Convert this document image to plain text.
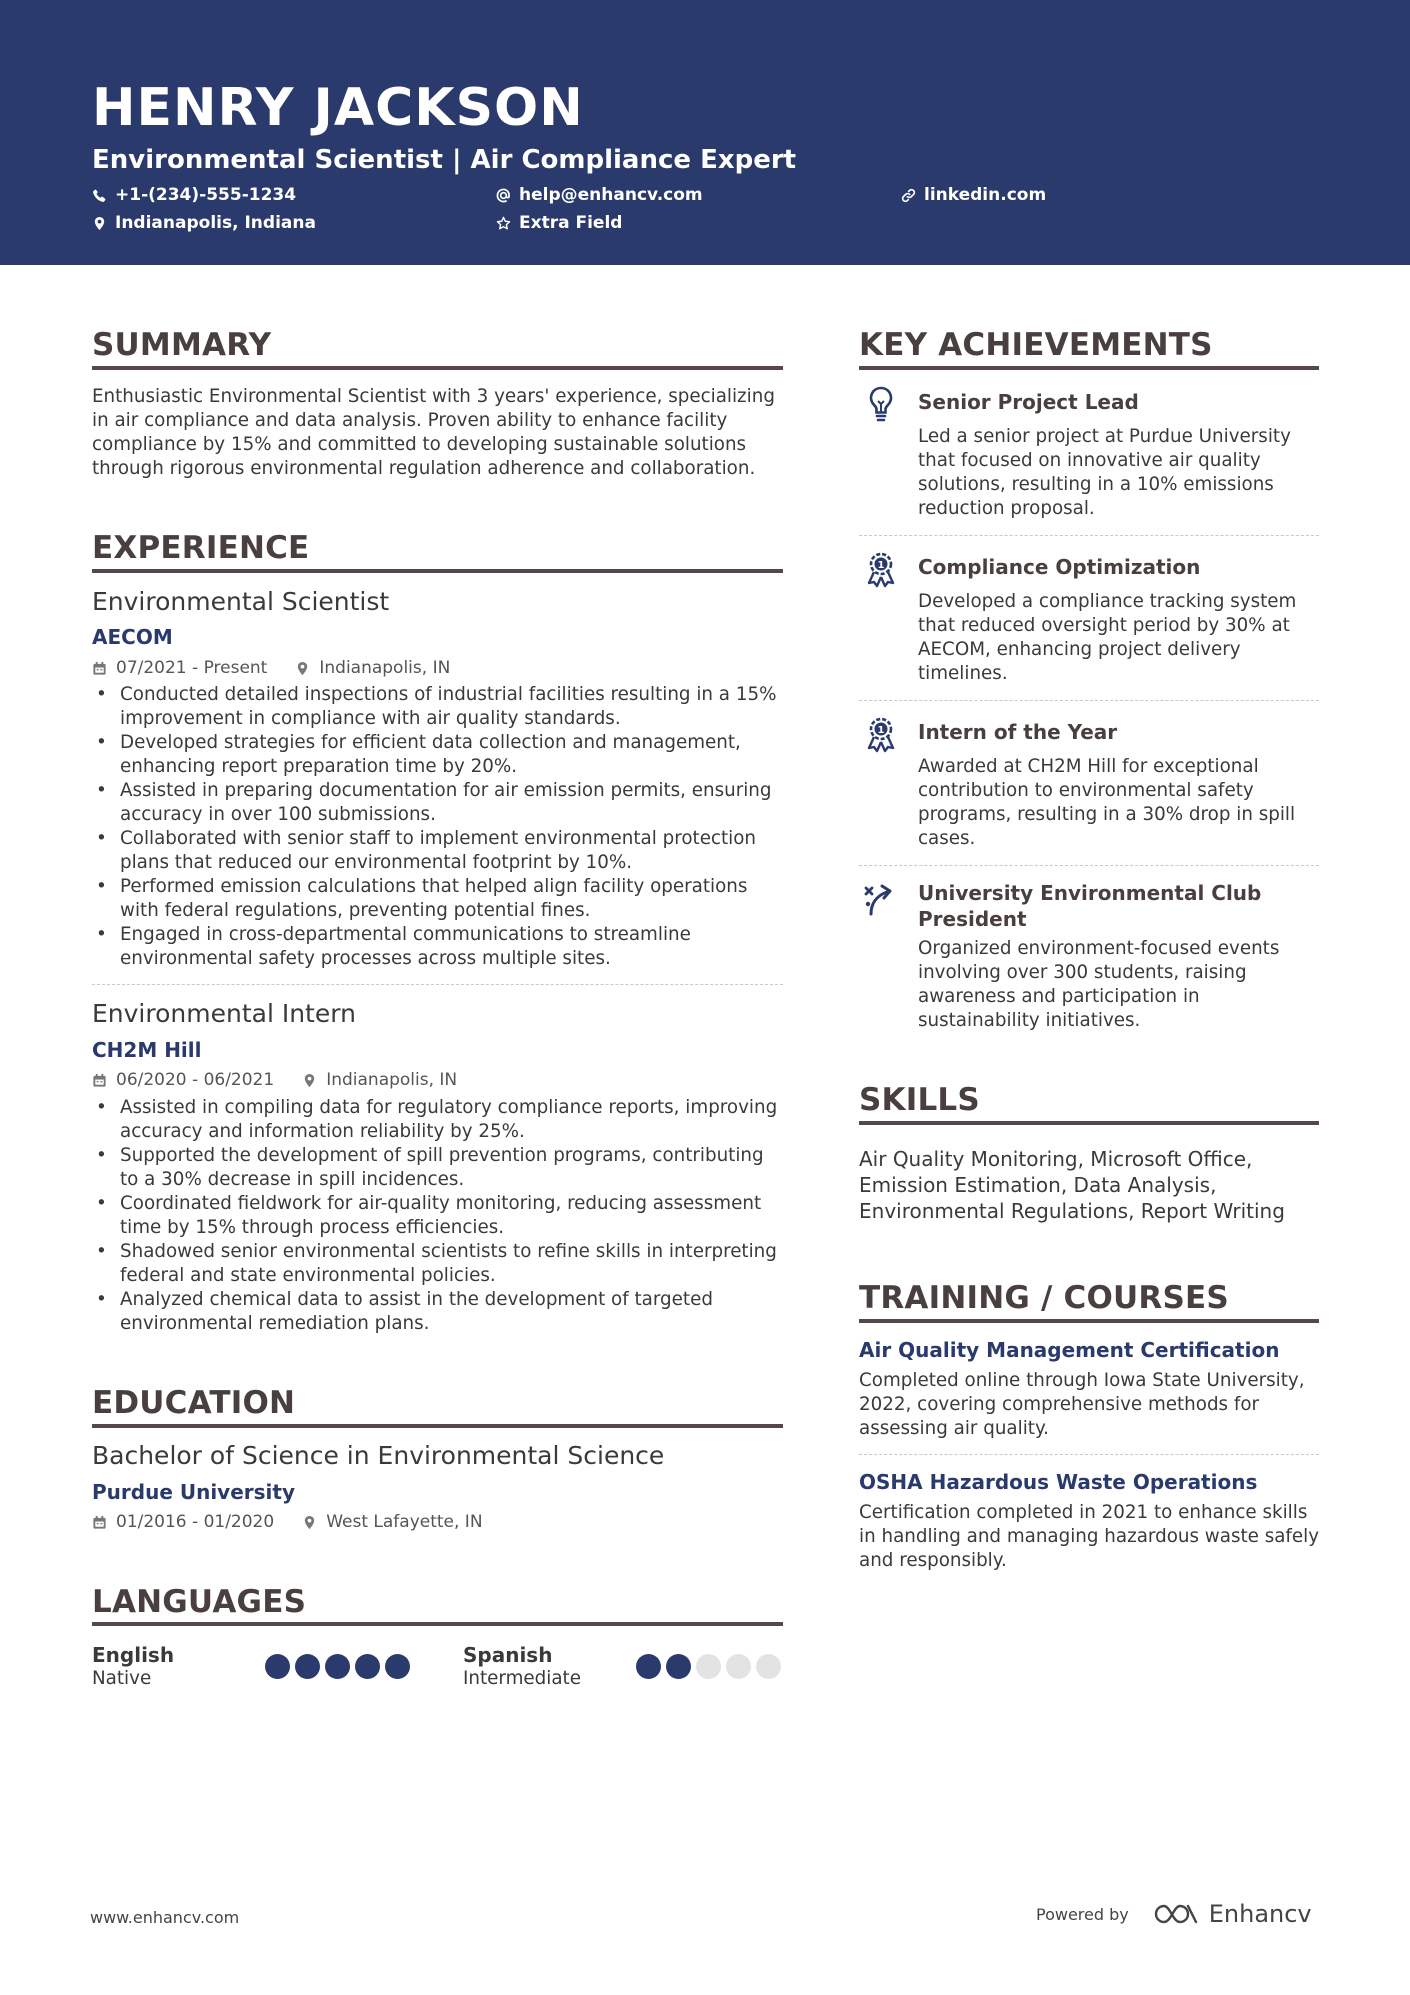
HENRY JACKSON
Environmental Scientist | Air Compliance Expert
+1-(234)-555-1234	help@enhancv.com	linkedin.com
Indianapolis, Indiana	Extra Field
SUMMARY
Enthusiastic Environmental Scientist with 3 years' experience, specializing
in air compliance and data analysis. Proven ability to enhance facility
compliance by 15% and committed to developing sustainable solutions
through rigorous environmental regulation adherence and collaboration.
EXPERIENCE
Environmental Scientist
AECOM
07/2021 - Present	Indianapolis, IN
• Conducted detailed inspections of industrial facilities resulting in a 15%
improvement in compliance with air quality standards.
• Developed strategies for efficient data collection and management,
enhancing report preparation time by 20%.
• Assisted in preparing documentation for air emission permits, ensuring
accuracy in over 100 submissions.
• Collaborated with senior staff to implement environmental protection
plans that reduced our environmental footprint by 10%.
• Performed emission calculations that helped align facility operations
with federal regulations, preventing potential fines.
• Engaged in cross-departmental communications to streamline
environmental safety processes across multiple sites.
Environmental Intern
CH2M Hill
06/2020 - 06/2021	Indianapolis, IN
• Assisted in compiling data for regulatory compliance reports, improving
accuracy and information reliability by 25%.
• Supported the development of spill prevention programs, contributing
to a 30% decrease in spill incidences.
• Coordinated fieldwork for air-quality monitoring, reducing assessment
time by 15% through process efficiencies.
• Shadowed senior environmental scientists to refine skills in interpreting
federal and state environmental policies.
• Analyzed chemical data to assist in the development of targeted
environmental remediation plans.
EDUCATION
Bachelor of Science in Environmental Science
Purdue University
01/2016 - 01/2020	West Lafayette, IN
LANGUAGES
English
Native
Spanish
Intermediate
KEY ACHIEVEMENTS
Senior Project Lead
Led a senior project at Purdue University
that focused on innovative air quality
solutions, resulting in a 10% emissions
reduction proposal.
1 Compliance Optimization
Developed a compliance tracking system
that reduced oversight period by 30% at
AECOM, enhancing project delivery
timelines.
1 Intern of the Year
Awarded at CH2M Hill for exceptional
contribution to environmental safety
programs, resulting in a 30% drop in spill
cases.
University Environmental Club
President
Organized environment-focused events
involving over 300 students, raising
awareness and participation in
sustainability initiatives.
SKILLS
Air Quality Monitoring, Microsoft Office,
Emission Estimation, Data Analysis,
Environmental Regulations, Report Writing
TRAINING / COURSES
Air Quality Management Certification
Completed online through Iowa State University,
2022, covering comprehensive methods for
assessing air quality.
OSHA Hazardous Waste Operations
Certification completed in 2021 to enhance skills
in handling and managing hazardous waste safely
and responsibly.
www.enhancv.com	Powered by	Enhancv
